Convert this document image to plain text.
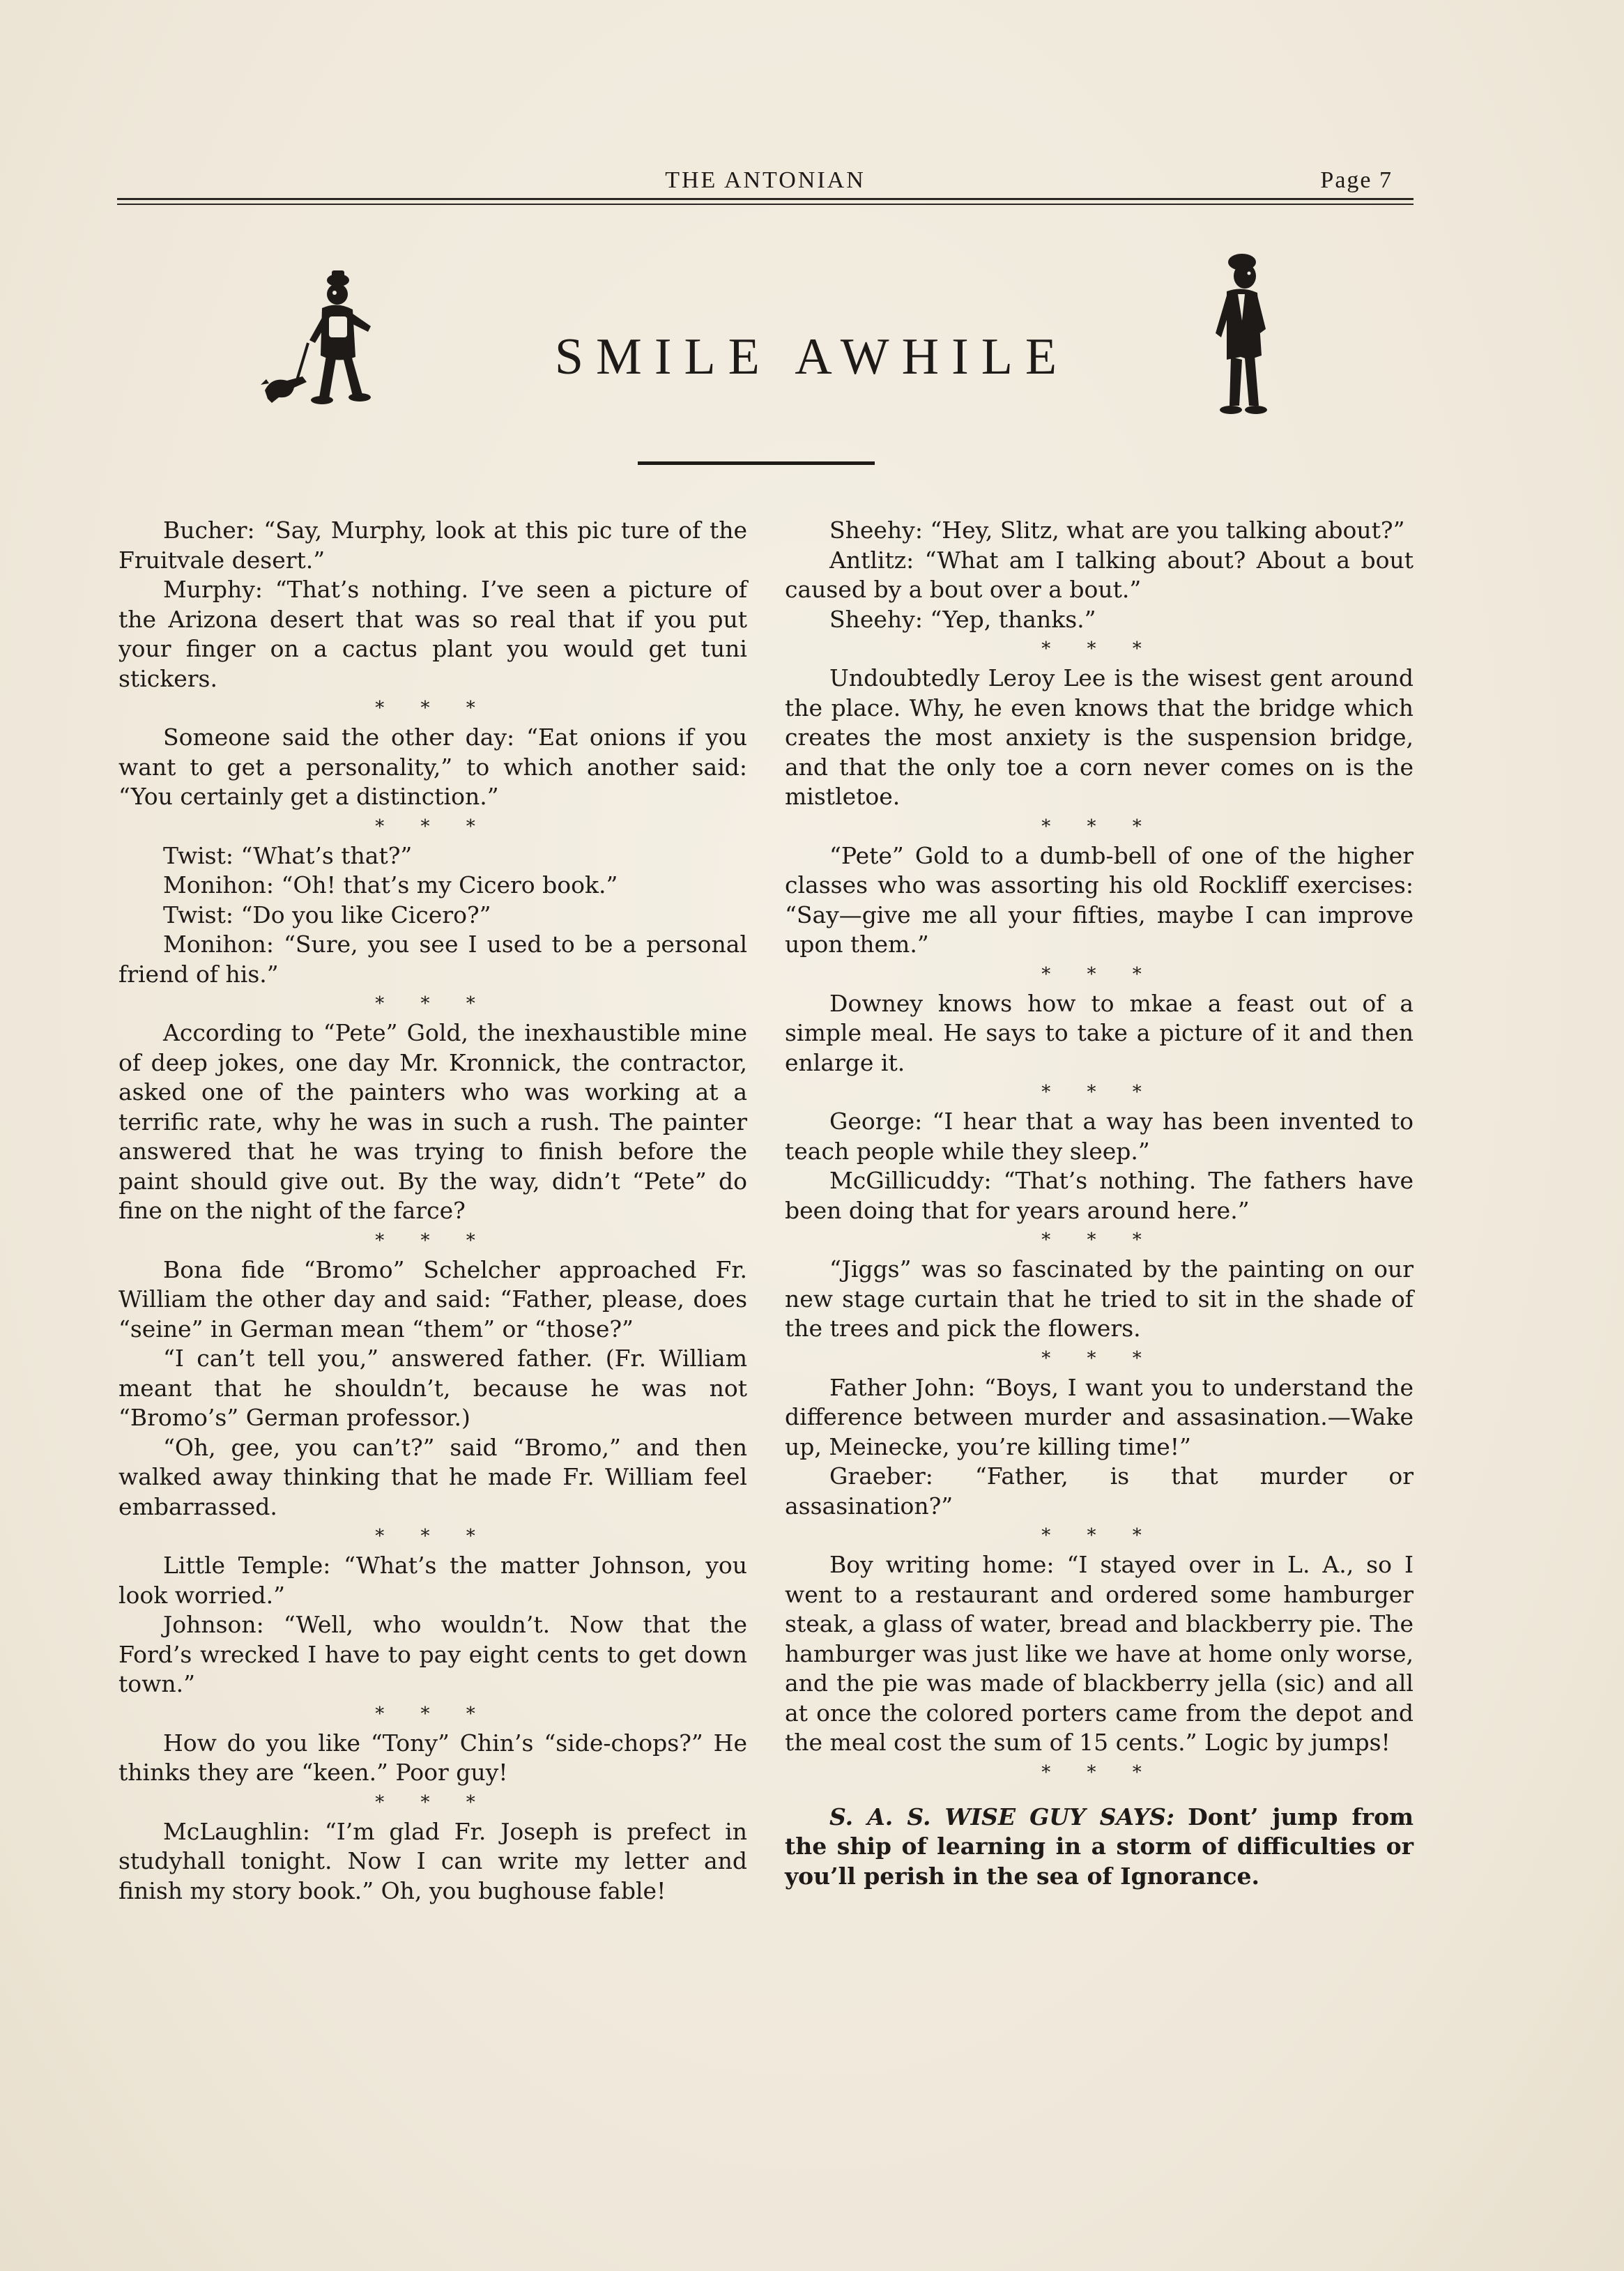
THE ANTONIAN	Page 7
SMILE AWHILE

Bucher: “Say, Murphy, look at this pic ture of the Fruitvale desert.”

Murphy: “That’s nothing. I’ve seen a picture of the Arizona desert that was so real that if you put your finger on a cactus plant you would get tuni stickers.

* * *

Someone said the other day: “Eat onions if you want to get a personality,” to which another said: “You certainly get a distinction.”

* * *

Twist: “What’s that?”

Monihon: “Oh! that’s my Cicero book.”

Twist: “Do you like Cicero?”

Monihon: “Sure, you see I used to be a personal friend of his.”

* * *

According to “Pete” Gold, the inexhaustible mine of deep jokes, one day Mr. Kronnick, the contractor, asked one of the painters who was working at a terrific rate, why he was in such a rush. The painter answered that he was trying to finish before the paint should give out. By the way, didn’t “Pete” do fine on the night of the farce?

* * *

Bona fide “Bromo” Schelcher approached Fr. William the other day and said: “Father, please, does “seine” in German mean “them” or “those?”

“I can’t tell you,” answered father. (Fr. William meant that he shouldn’t, because he was not “Bromo’s” German professor.)

“Oh, gee, you can’t?” said “Bromo,” and then walked away thinking that he made Fr. William feel embarrassed.

* * *

Little Temple: “What’s the matter Johnson, you look worried.”

Johnson: “Well, who wouldn’t. Now that the Ford’s wrecked I have to pay eight cents to get down town.”

* * *

How do you like “Tony” Chin’s “side-chops?” He thinks they are “keen.” Poor guy!

* * *

McLaughlin: “I’m glad Fr. Joseph is prefect in studyhall tonight. Now I can write my letter and finish my story book.” Oh, you bughouse fable!

Sheehy: “Hey, Slitz, what are you talking about?”

Antlitz: “What am I talking about? About a bout caused by a bout over a bout.”

Sheehy: “Yep, thanks.”

* * *

Undoubtedly Leroy Lee is the wisest gent around the place. Why, he even knows that the bridge which creates the most anxiety is the suspension bridge, and that the only toe a corn never comes on is the mistletoe.

* * *

“Pete” Gold to a dumb-bell of one of the higher classes who was assorting his old Rockliff exercises: “Say—give me all your fifties, maybe I can improve upon them.”

* * *

Downey knows how to mkae a feast out of a simple meal. He says to take a picture of it and then enlarge it.

* * *

George: “I hear that a way has been invented to teach people while they sleep.”

McGillicuddy: “That’s nothing. The fathers have been doing that for years around here.”

* * *

“Jiggs” was so fascinated by the painting on our new stage curtain that he tried to sit in the shade of the trees and pick the flowers.

* * *

Father John: “Boys, I want you to understand the difference between murder and assasination.—Wake up, Meinecke, you’re killing time!”

Graeber: “Father, is that murder or assasination?”

* * *

Boy writing home: “I stayed over in L. A., so I went to a restaurant and ordered some hamburger steak, a glass of water, bread and blackberry pie. The hamburger was just like we have at home only worse, and the pie was made of blackberry jella (sic) and all at once the colored porters came from the depot and the meal cost the sum of 15 cents.” Logic by jumps!

* * *

S. A. S. WISE GUY SAYS: Dont’ jump from the ship of learning in a storm of difficulties or you’ll perish in the sea of Ignorance.
